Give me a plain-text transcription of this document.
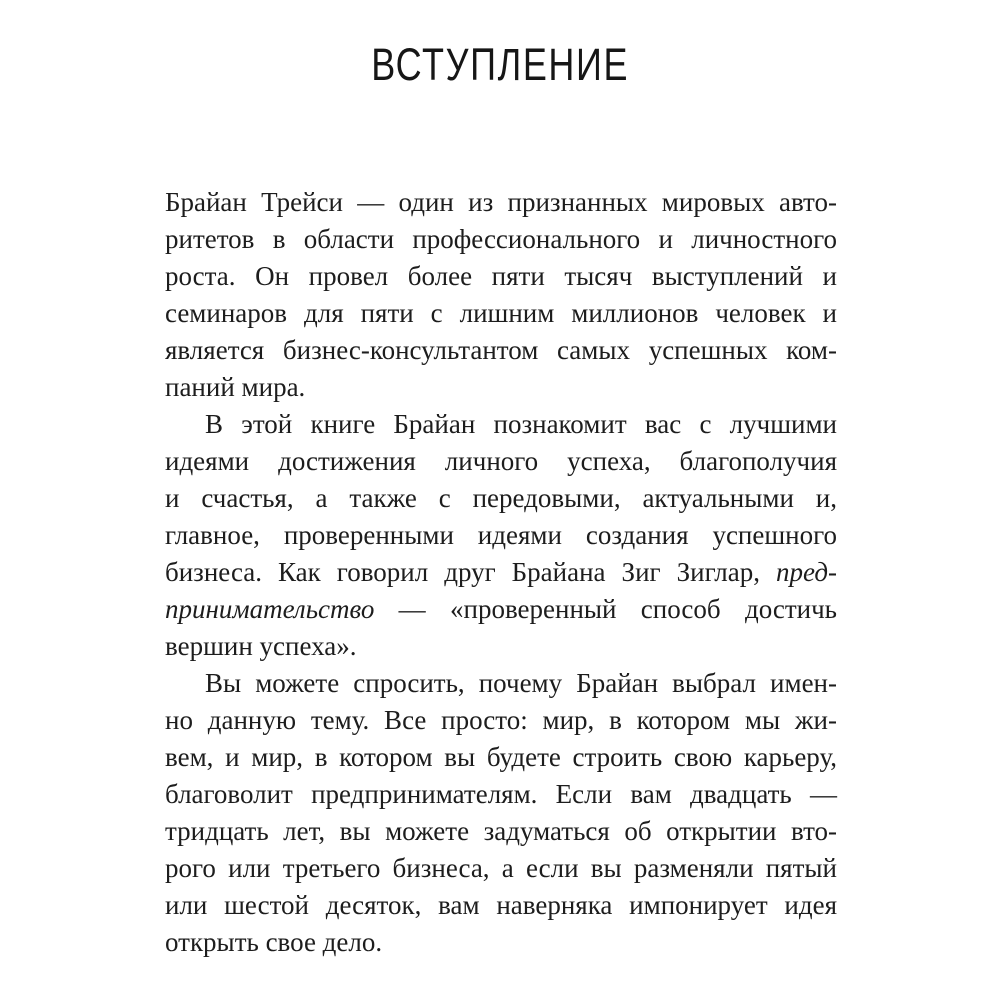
ВСТУПЛЕНИЕ
Брайан Трейси — один из признанных мировых авто-
ритетов в области профессионального и личностного
роста. Он провел более пяти тысяч выступлений и
семинаров для пяти с лишним миллионов человек и
является бизнес-консультантом самых успешных ком-
паний мира.
В этой книге Брайан познакомит вас с лучшими
идеями достижения личного успеха, благополучия
и счастья, а также с передовыми, актуальными и,
главное, проверенными идеями создания успешного
бизнеса. Как говорил друг Брайана Зиг Зиглар, пред-
принимательство — «проверенный способ достичь
вершин успеха».
Вы можете спросить, почему Брайан выбрал имен-
но данную тему. Все просто: мир, в котором мы жи-
вем, и мир, в котором вы будете строить свою карьеру,
благоволит предпринимателям. Если вам двадцать —
тридцать лет, вы можете задуматься об открытии вто-
рого или третьего бизнеса, а если вы разменяли пятый
или шестой десяток, вам наверняка импонирует идея
открыть свое дело.
